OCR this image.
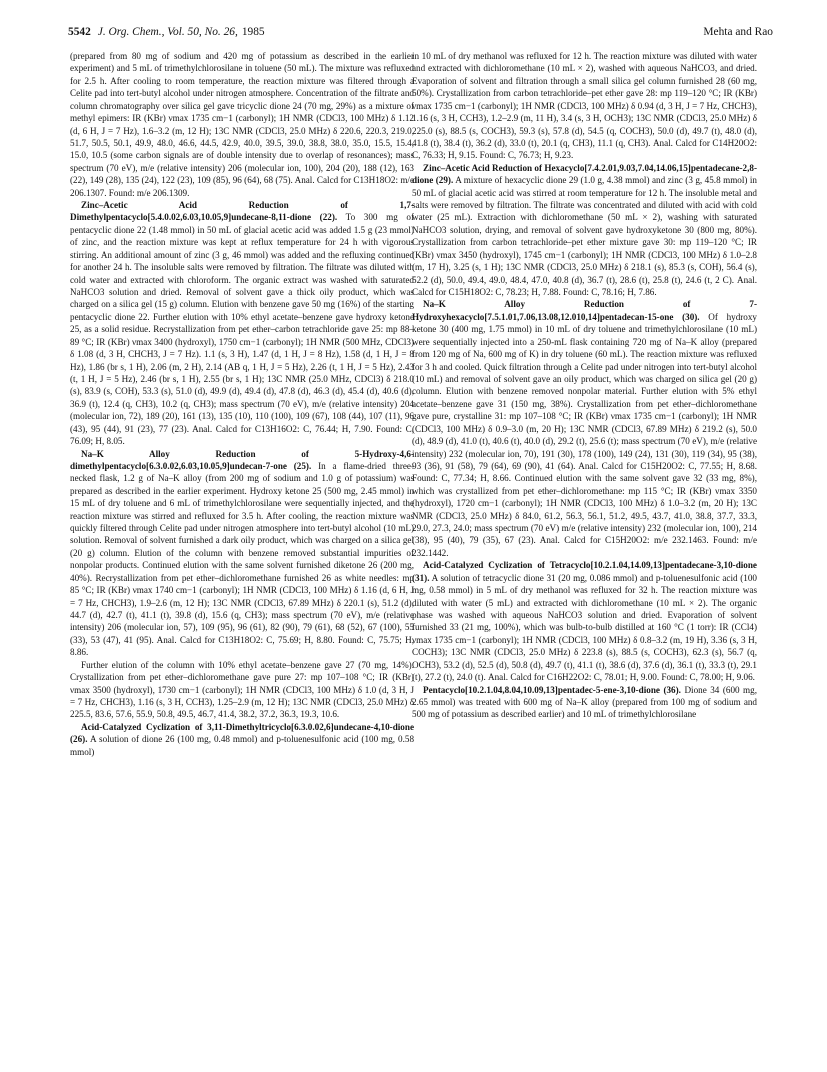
5542 J. Org. Chem., Vol. 50, No. 26, 1985	Mehta and Rao

(prepared from 80 mg of sodium and 420 mg of potassium as described in the earlier experiment) and 5 mL of trimethylchlorosilane in toluene (50 mL). The mixture was refluxed for 2.5 h. After cooling to room temperature, the reaction mixture was filtered through a Celite pad into tert-butyl alcohol under nitrogen atmosphere. Concentration of the filtrate and column chromatography over silica gel gave tricyclic dione 24 (70 mg, 29%) as a mixture of methyl epimers: IR (KBr) νmax 1735 cm−1 (carbonyl); 1H NMR (CDCl3, 100 MHz) δ 1.12 (d, 6 H, J = 7 Hz), 1.6–3.2 (m, 12 H); 13C NMR (CDCl3, 25.0 MHz) δ 220.6, 220.3, 219.0, 51.7, 50.5, 50.1, 49.9, 48.0, 46.6, 44.5, 42.9, 40.0, 39.5, 39.0, 38.8, 38.0, 35.0, 15.5, 15.4, 15.0, 10.5 (some carbon signals are of double intensity due to overlap of resonances); mass spectrum (70 eV), m/e (relative intensity) 206 (molecular ion, 100), 204 (20), 188 (12), 163 (22), 149 (28), 135 (24), 122 (23), 109 (85), 96 (64), 68 (75). Anal. Calcd for C13H18O2: m/e 206.1307. Found: m/e 206.1309.

Zinc–Acetic Acid Reduction of 1,7-Dimethylpentacyclo[5.4.0.02,6.03,10.05,9]undecane-8,11-dione (22). To 300 mg of pentacyclic dione 22 (1.48 mmol) in 50 mL of glacial acetic acid was added 1.5 g (23 mmol) of zinc, and the reaction mixture was kept at reflux temperature for 24 h with vigorous stirring. An additional amount of zinc (3 g, 46 mmol) was added and the refluxing continued for another 24 h. The insoluble salts were removed by filtration. The filtrate was diluted with cold water and extracted with chloroform. The organic extract was washed with saturated NaHCO3 solution and dried. Removal of solvent gave a thick oily product, which was charged on a silica gel (15 g) column. Elution with benzene gave 50 mg (16%) of the starting pentacyclic dione 22. Further elution with 10% ethyl acetate–benzene gave hydroxy ketone 25, as a solid residue. Recrystallization from pet ether–carbon tetrachloride gave 25: mp 88–89 °C; IR (KBr) νmax 3400 (hydroxyl), 1750 cm−1 (carbonyl); 1H NMR (500 MHz, CDCl3) δ 1.08 (d, 3 H, CHCH3, J = 7 Hz). 1.1 (s, 3 H), 1.47 (d, 1 H, J = 8 Hz), 1.58 (d, 1 H, J = 8 Hz), 1.86 (br s, 1 H), 2.06 (m, 2 H), 2.14 (AB q, 1 H, J = 5 Hz), 2.26 (t, 1 H, J = 5 Hz), 2.43 (t, 1 H, J = 5 Hz), 2.46 (br s, 1 H), 2.55 (br s, 1 H); 13C NMR (25.0 MHz, CDCl3) δ 218.0 (s), 83.9 (s, COH), 53.3 (s), 51.0 (d), 49.9 (d), 49.4 (d), 47.8 (d), 46.3 (d), 45.4 (d), 40.6 (d), 36.9 (t), 12.4 (q, CH3), 10.2 (q, CH3); mass spectrum (70 eV), m/e (relative intensity) 204 (molecular ion, 72), 189 (20), 161 (13), 135 (10), 110 (100), 109 (67), 108 (44), 107 (11), 96 (43), 95 (44), 91 (23), 77 (23). Anal. Calcd for C13H16O2: C, 76.44; H, 7.90. Found: C, 76.09; H, 8.05.

Na–K Alloy Reduction of 5-Hydroxy-4,6-dimethylpentacyclo[6.3.0.02,6.03,10.05,9]undecan-7-one (25). In a flame-dried three-necked flask, 1.2 g of Na–K alloy (from 200 mg of sodium and 1.0 g of potassium) was prepared as described in the earlier experiment. Hydroxy ketone 25 (500 mg, 2.45 mmol) in 15 mL of dry toluene and 6 mL of trimethylchlorosilane were sequentially injected, and the reaction mixture was stirred and refluxed for 3.5 h. After cooling, the reaction mixture was quickly filtered through Celite pad under nitrogen atmosphere into tert-butyl alcohol (10 mL) solution. Removal of solvent furnished a dark oily product, which was charged on a silica gel (20 g) column. Elution of the column with benzene removed substantial impurities of nonpolar products. Continued elution with the same solvent furnished diketone 26 (200 mg, 40%). Recrystallization from pet ether–dichloromethane furnished 26 as white needles: mp 85 °C; IR (KBr) νmax 1740 cm−1 (carbonyl); 1H NMR (CDCl3, 100 MHz) δ 1.16 (d, 6 H, J = 7 Hz, CHCH3), 1.9–2.6 (m, 12 H); 13C NMR (CDCl3, 67.89 MHz) δ 220.1 (s), 51.2 (d), 44.7 (d), 42.7 (t), 41.1 (t), 39.8 (d), 15.6 (q, CH3); mass spectrum (70 eV), m/e (relative intensity) 206 (molecular ion, 57), 109 (95), 96 (61), 82 (90), 79 (61), 68 (52), 67 (100), 55 (33), 53 (47), 41 (95). Anal. Calcd for C13H18O2: C, 75.69; H, 8.80. Found: C, 75.75; H, 8.86.

Further elution of the column with 10% ethyl acetate–benzene gave 27 (70 mg, 14%). Crystallization from pet ether–dichloromethane gave pure 27: mp 107–108 °C; IR (KBr) νmax 3500 (hydroxyl), 1730 cm−1 (carbonyl); 1H NMR (CDCl3, 100 MHz) δ 1.0 (d, 3 H, J = 7 Hz, CHCH3), 1.16 (s, 3 H, CCH3), 1.25–2.9 (m, 12 H); 13C NMR (CDCl3, 25.0 MHz) δ 225.5, 83.6, 57.6, 55.9, 50.8, 49.5, 46.7, 41.4, 38.2, 37.2, 36.3, 19.3, 10.6.

Acid-Catalyzed Cyclization of 3,11-Dimethyltricyclo[6.3.0.02,6]undecane-4,10-dione (26). A solution of dione 26 (100 mg, 0.48 mmol) and p-toluenesulfonic acid (100 mg, 0.58 mmol)

in 10 mL of dry methanol was refluxed for 12 h. The reaction mixture was diluted with water and extracted with dichloromethane (10 mL × 2), washed with aqueous NaHCO3, and dried. Evaporation of solvent and filtration through a small silica gel column furnished 28 (60 mg, 50%). Crystallization from carbon tetrachloride–pet ether gave 28: mp 119–120 °C; IR (KBr) νmax 1735 cm−1 (carbonyl); 1H NMR (CDCl3, 100 MHz) δ 0.94 (d, 3 H, J = 7 Hz, CHCH3), 1.16 (s, 3 H, CCH3), 1.2–2.9 (m, 11 H), 3.4 (s, 3 H, OCH3); 13C NMR (CDCl3, 25.0 MHz) δ 225.0 (s), 88.5 (s, COCH3), 59.3 (s), 57.8 (d), 54.5 (q, COCH3), 50.0 (d), 49.7 (t), 48.0 (d), 41.8 (t), 38.4 (t), 36.2 (d), 33.0 (t), 20.1 (q, CH3), 11.1 (q, CH3). Anal. Calcd for C14H20O2: C, 76.33; H, 9.15. Found: C, 76.73; H, 9.23.

Zinc–Acetic Acid Reduction of Hexacyclo[7.4.2.01,9.03,7.04,14.06,15]pentadecane-2,8-dione (29). A mixture of hexacyclic dione 29 (1.0 g, 4.38 mmol) and zinc (3 g, 45.8 mmol) in 50 mL of glacial acetic acid was stirred at room temperature for 12 h. The insoluble metal and salts were removed by filtration. The filtrate was concentrated and diluted with acid with cold water (25 mL). Extraction with dichloromethane (50 mL × 2), washing with saturated NaHCO3 solution, drying, and removal of solvent gave hydroxyketone 30 (800 mg, 80%). Crystallization from carbon tetrachloride–pet ether mixture gave 30: mp 119–120 °C; IR (KBr) νmax 3450 (hydroxyl), 1745 cm−1 (carbonyl); 1H NMR (CDCl3, 100 MHz) δ 1.0–2.8 (m, 17 H), 3.25 (s, 1 H); 13C NMR (CDCl3, 25.0 MHz) δ 218.1 (s), 85.3 (s, COH), 56.4 (s), 52.2 (d), 50.0, 49.4, 49.0, 48.4, 47.0, 40.8 (d), 36.7 (t), 28.6 (t), 25.8 (t), 24.6 (t, 2 C). Anal. Calcd for C15H18O2: C, 78.23; H, 7.88. Found: C, 78.16; H, 7.86.

Na–K Alloy Reduction of 7-Hydroxyhexacyclo[7.5.1.01,7.06,13.08,12.010,14]pentadecan-15-one (30). Of hydroxy ketone 30 (400 mg, 1.75 mmol) in 10 mL of dry toluene and trimethylchlorosilane (10 mL) were sequentially injected into a 250-mL flask containing 720 mg of Na–K alloy (prepared from 120 mg of Na, 600 mg of K) in dry toluene (60 mL). The reaction mixture was refluxed for 3 h and cooled. Quick filtration through a Celite pad under nitrogen into tert-butyl alcohol (10 mL) and removal of solvent gave an oily product, which was charged on silica gel (20 g) column. Elution with benzene removed nonpolar material. Further elution with 5% ethyl acetate–benzene gave 31 (150 mg, 38%). Crystallization from pet ether–dichloromethane gave pure, crystalline 31: mp 107–108 °C; IR (KBr) νmax 1735 cm−1 (carbonyl); 1H NMR (CDCl3, 100 MHz) δ 0.9–3.0 (m, 20 H); 13C NMR (CDCl3, 67.89 MHz) δ 219.2 (s), 50.0 (d), 48.9 (d), 41.0 (t), 40.6 (t), 40.0 (d), 29.2 (t), 25.6 (t); mass spectrum (70 eV), m/e (relative intensity) 232 (molecular ion, 70), 191 (30), 178 (100), 149 (24), 131 (30), 119 (34), 95 (38), 93 (36), 91 (58), 79 (64), 69 (90), 41 (64). Anal. Calcd for C15H20O2: C, 77.55; H, 8.68. Found: C, 77.34; H, 8.66. Continued elution with the same solvent gave 32 (33 mg, 8%), which was crystallized from pet ether–dichloromethane: mp 115 °C; IR (KBr) νmax 3350 (hydroxyl), 1720 cm−1 (carbonyl); 1H NMR (CDCl3, 100 MHz) δ 1.0–3.2 (m, 20 H); 13C NMR (CDCl3, 25.0 MHz) δ 84.0, 61.2, 56.3, 56.1, 51.2, 49.5, 43.7, 41.0, 38.8, 37.7, 33.3, 29.0, 27.3, 24.0; mass spectrum (70 eV) m/e (relative intensity) 232 (molecular ion, 100), 214 (38), 95 (40), 79 (35), 67 (23). Anal. Calcd for C15H20O2: m/e 232.1463. Found: m/e 232.1442.

Acid-Catalyzed Cyclization of Tetracyclo[10.2.1.04,14.09,13]pentadecane-3,10-dione (31). A solution of tetracyclic dione 31 (20 mg, 0.086 mmol) and p-toluenesulfonic acid (100 mg, 0.58 mmol) in 5 mL of dry methanol was refluxed for 32 h. The reaction mixture was diluted with water (5 mL) and extracted with dichloromethane (10 mL × 2). The organic phase was washed with aqueous NaHCO3 solution and dried. Evaporation of solvent furnished 33 (21 mg, 100%), which was bulb-to-bulb distilled at 160 °C (1 torr): IR (CCl4) νmax 1735 cm−1 (carbonyl); 1H NMR (CDCl3, 100 MHz) δ 0.8–3.2 (m, 19 H), 3.36 (s, 3 H, COCH3); 13C NMR (CDCl3, 25.0 MHz) δ 223.8 (s), 88.5 (s, COCH3), 62.3 (s), 56.7 (q, OCH3), 53.2 (d), 52.5 (d), 50.8 (d), 49.7 (t), 41.1 (t), 38.6 (d), 37.6 (d), 36.1 (t), 33.3 (t), 29.1 (t), 27.2 (t), 24.0 (t). Anal. Calcd for C16H22O2: C, 78.01; H, 9.00. Found: C, 78.00; H, 9.06.

Pentacyclo[10.2.1.04,8.04,10.09,13]pentadec-5-ene-3,10-dione (36). Dione 34 (600 mg, 2.65 mmol) was treated with 600 mg of Na–K alloy (prepared from 100 mg of sodium and 500 mg of potassium as described earlier) and 10 mL of trimethylchlorosilane
